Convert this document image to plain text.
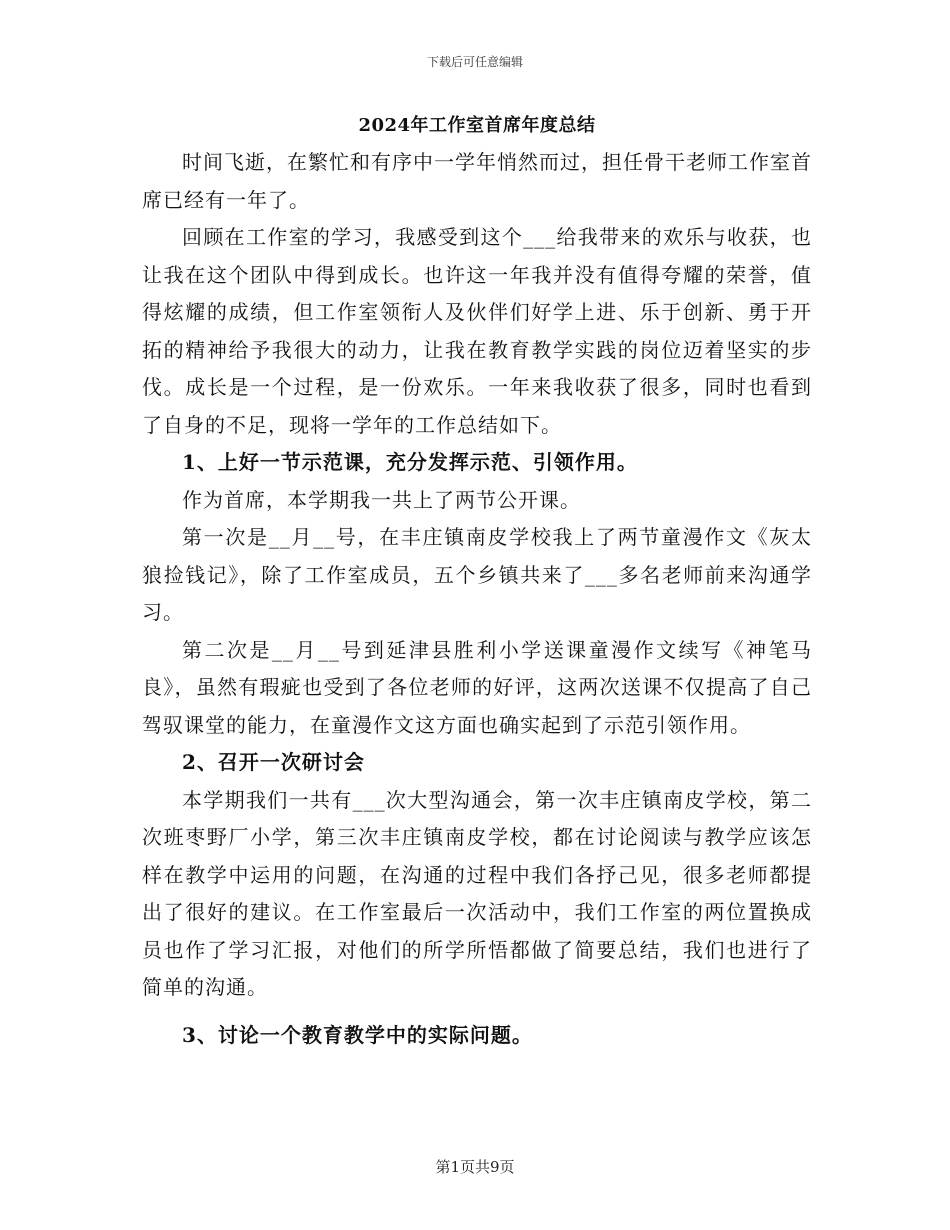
下载后可任意编辑
2024年工作室首席年度总结

时间飞逝，在繁忙和有序中一学年悄然而过，担任骨干老师工作室首席已经有一年了。

回顾在工作室的学习，我感受到这个___给我带来的欢乐与收获，也让我在这个团队中得到成长。也许这一年我并没有值得夸耀的荣誉，值得炫耀的成绩，但工作室领衔人及伙伴们好学上进、乐于创新、勇于开拓的精神给予我很大的动力，让我在教育教学实践的岗位迈着坚实的步伐。成长是一个过程，是一份欢乐。一年来我收获了很多，同时也看到了自身的不足，现将一学年的工作总结如下。

1、上好一节示范课，充分发挥示范、引领作用。

作为首席，本学期我一共上了两节公开课。

第一次是__月__号，在丰庄镇南皮学校我上了两节童漫作文《灰太狼捡钱记》，除了工作室成员，五个乡镇共来了___多名老师前来沟通学习。

第二次是__月__号到延津县胜利小学送课童漫作文续写《神笔马良》，虽然有瑕疵也受到了各位老师的好评，这两次送课不仅提高了自己驾驭课堂的能力，在童漫作文这方面也确实起到了示范引领作用。

2、召开一次研讨会

本学期我们一共有___次大型沟通会，第一次丰庄镇南皮学校，第二次班枣野厂小学，第三次丰庄镇南皮学校，都在讨论阅读与教学应该怎样在教学中运用的问题，在沟通的过程中我们各抒己见，很多老师都提出了很好的建议。在工作室最后一次活动中，我们工作室的两位置换成员也作了学习汇报，对他们的所学所悟都做了简要总结，我们也进行了简单的沟通。

3、讨论一个教育教学中的实际问题。

第1页共9页
